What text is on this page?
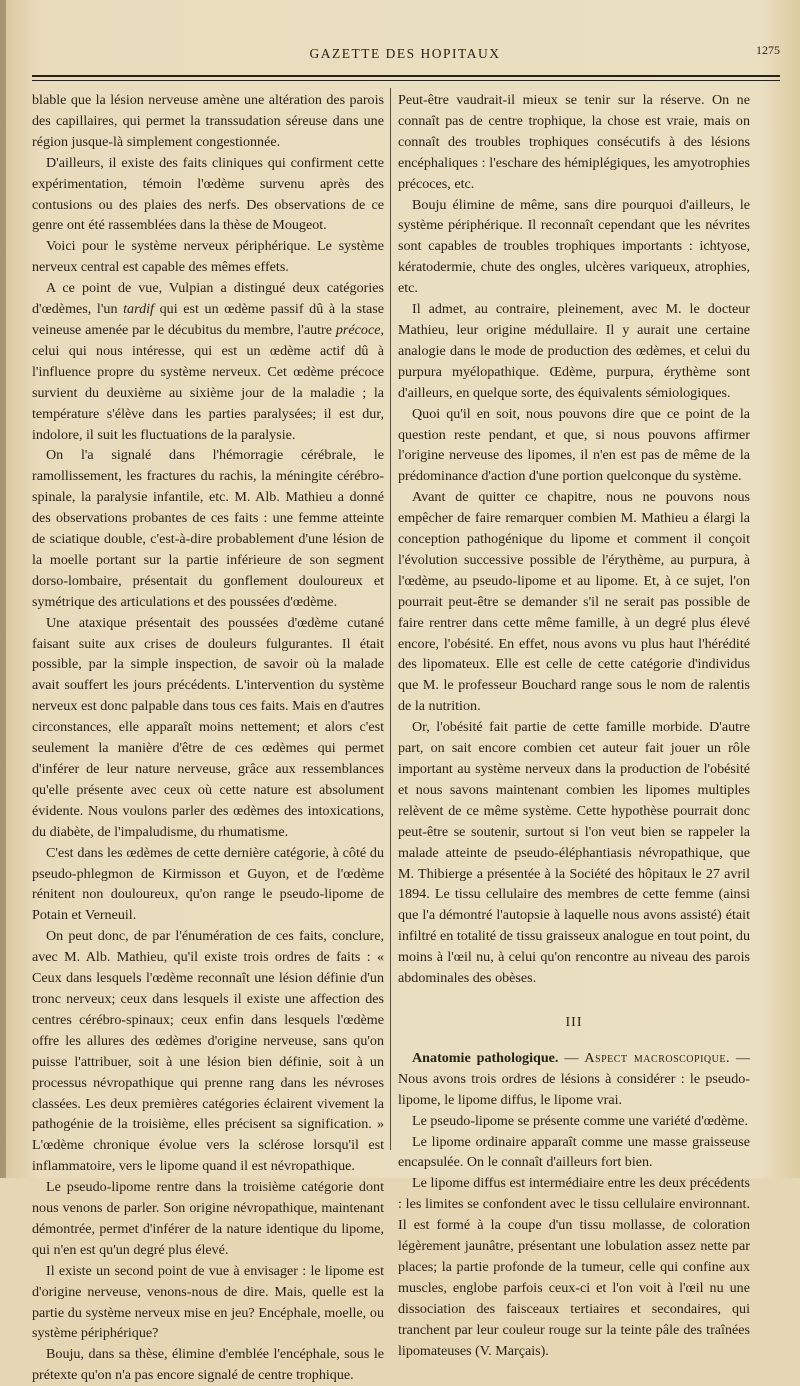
GAZETTE DES HOPITAUX	1275

blable que la lésion nerveuse amène une altération des parois des capillaires, qui permet la transsudation séreuse dans une région jusque-là simplement congestionnée.

D'ailleurs, il existe des faits cliniques qui confirment cette expérimentation, témoin l'œdème survenu après des contusions ou des plaies des nerfs. Des observations de ce genre ont été rassemblées dans la thèse de Mougeot.

Voici pour le système nerveux périphérique. Le système nerveux central est capable des mêmes effets.

A ce point de vue, Vulpian a distingué deux catégories d'œdèmes, l'un tardif qui est un œdème passif dû à la stase veineuse amenée par le décubitus du membre, l'autre précoce, celui qui nous intéresse, qui est un œdème actif dû à l'influence propre du système nerveux. Cet œdème précoce survient du deuxième au sixième jour de la maladie ; la température s'élève dans les parties paralysées; il est dur, indolore, il suit les fluctuations de la paralysie.

On l'a signalé dans l'hémorragie cérébrale, le ramollissement, les fractures du rachis, la méningite cérébro-spinale, la paralysie infantile, etc. M. Alb. Mathieu a donné des observations probantes de ces faits : une femme atteinte de sciatique double, c'est-à-dire probablement d'une lésion de la moelle portant sur la partie inférieure de son segment dorso-lombaire, présentait du gonflement douloureux et symétrique des articulations et des poussées d'œdème.

Une ataxique présentait des poussées d'œdème cutané faisant suite aux crises de douleurs fulgurantes. Il était possible, par la simple inspection, de savoir où la malade avait souffert les jours précédents. L'intervention du système nerveux est donc palpable dans tous ces faits. Mais en d'autres circonstances, elle apparaît moins nettement; et alors c'est seulement la manière d'être de ces œdèmes qui permet d'inférer de leur nature nerveuse, grâce aux ressemblances qu'elle présente avec ceux où cette nature est absolument évidente. Nous voulons parler des œdèmes des intoxications, du diabète, de l'impaludisme, du rhumatisme.

C'est dans les œdèmes de cette dernière catégorie, à côté du pseudo-phlegmon de Kirmisson et Guyon, et de l'œdème rénitent non douloureux, qu'on range le pseudo-lipome de Potain et Verneuil.

On peut donc, de par l'énumération de ces faits, conclure, avec M. Alb. Mathieu, qu'il existe trois ordres de faits : « Ceux dans lesquels l'œdème reconnaît une lésion définie d'un tronc nerveux; ceux dans lesquels il existe une affection des centres cérébro-spinaux; ceux enfin dans lesquels l'œdème offre les allures des œdèmes d'origine nerveuse, sans qu'on puisse l'attribuer, soit à une lésion bien définie, soit à un processus névropathique qui prenne rang dans les névroses classées. Les deux premières catégories éclairent vivement la pathogénie de la troisième, elles précisent sa signification. » L'œdème chronique évolue vers la sclérose lorsqu'il est inflammatoire, vers le lipome quand il est névropathique.

Le pseudo-lipome rentre dans la troisième catégorie dont nous venons de parler. Son origine névropathique, maintenant démontrée, permet d'inférer de la nature identique du lipome, qui n'en est qu'un degré plus élevé.

Il existe un second point de vue à envisager : le lipome est d'origine nerveuse, venons-nous de dire. Mais, quelle est la partie du système nerveux mise en jeu? Encéphale, moelle, ou système périphérique?

Bouju, dans sa thèse, élimine d'emblée l'encéphale, sous le prétexte qu'on n'a pas encore signalé de centre trophique.

Peut-être vaudrait-il mieux se tenir sur la réserve. On ne connaît pas de centre trophique, la chose est vraie, mais on connaît des troubles trophiques consécutifs à des lésions encéphaliques : l'eschare des hémiplégiques, les amyotrophies précoces, etc.

Bouju élimine de même, sans dire pourquoi d'ailleurs, le système périphérique. Il reconnaît cependant que les névrites sont capables de troubles trophiques importants : ichtyose, kératodermie, chute des ongles, ulcères variqueux, atrophies, etc.

Il admet, au contraire, pleinement, avec M. le docteur Mathieu, leur origine médullaire. Il y aurait une certaine analogie dans le mode de production des œdèmes, et celui du purpura myélopathique. Œdème, purpura, érythème sont d'ailleurs, en quelque sorte, des équivalents sémiologiques.

Quoi qu'il en soit, nous pouvons dire que ce point de la question reste pendant, et que, si nous pouvons affirmer l'origine nerveuse des lipomes, il n'en est pas de même de la prédominance d'action d'une portion quelconque du système.

Avant de quitter ce chapitre, nous ne pouvons nous empêcher de faire remarquer combien M. Mathieu a élargi la conception pathogénique du lipome et comment il conçoit l'évolution successive possible de l'érythème, au purpura, à l'œdème, au pseudo-lipome et au lipome. Et, à ce sujet, l'on pourrait peut-être se demander s'il ne serait pas possible de faire rentrer dans cette même famille, à un degré plus élevé encore, l'obésité. En effet, nous avons vu plus haut l'hérédité des lipomateux. Elle est celle de cette catégorie d'individus que M. le professeur Bouchard range sous le nom de ralentis de la nutrition.

Or, l'obésité fait partie de cette famille morbide. D'autre part, on sait encore combien cet auteur fait jouer un rôle important au système nerveux dans la production de l'obésité et nous savons maintenant combien les lipomes multiples relèvent de ce même système. Cette hypothèse pourrait donc peut-être se soutenir, surtout si l'on veut bien se rappeler la malade atteinte de pseudo-éléphantiasis névropathique, que M. Thibierge a présentée à la Société des hôpitaux le 27 avril 1894. Le tissu cellulaire des membres de cette femme (ainsi que l'a démontré l'autopsie à laquelle nous avons assisté) était infiltré en totalité de tissu graisseux analogue en tout point, du moins à l'œil nu, à celui qu'on rencontre au niveau des parois abdominales des obèses.

III

Anatomie pathologique. — Aspect macroscopique. — Nous avons trois ordres de lésions à considérer : le pseudo-lipome, le lipome diffus, le lipome vrai.

Le pseudo-lipome se présente comme une variété d'œdème.

Le lipome ordinaire apparaît comme une masse graisseuse encapsulée. On le connaît d'ailleurs fort bien.

Le lipome diffus est intermédiaire entre les deux précédents : les limites se confondent avec le tissu cellulaire environnant. Il est formé à la coupe d'un tissu mollasse, de coloration légèrement jaunâtre, présentant une lobulation assez nette par places; la partie profonde de la tumeur, celle qui confine aux muscles, englobe parfois ceux-ci et l'on voit à l'œil nu une dissociation des faisceaux tertiaires et secondaires, qui tranchent par leur couleur rouge sur la teinte pâle des traînées lipomateuses (V. Marçais).
